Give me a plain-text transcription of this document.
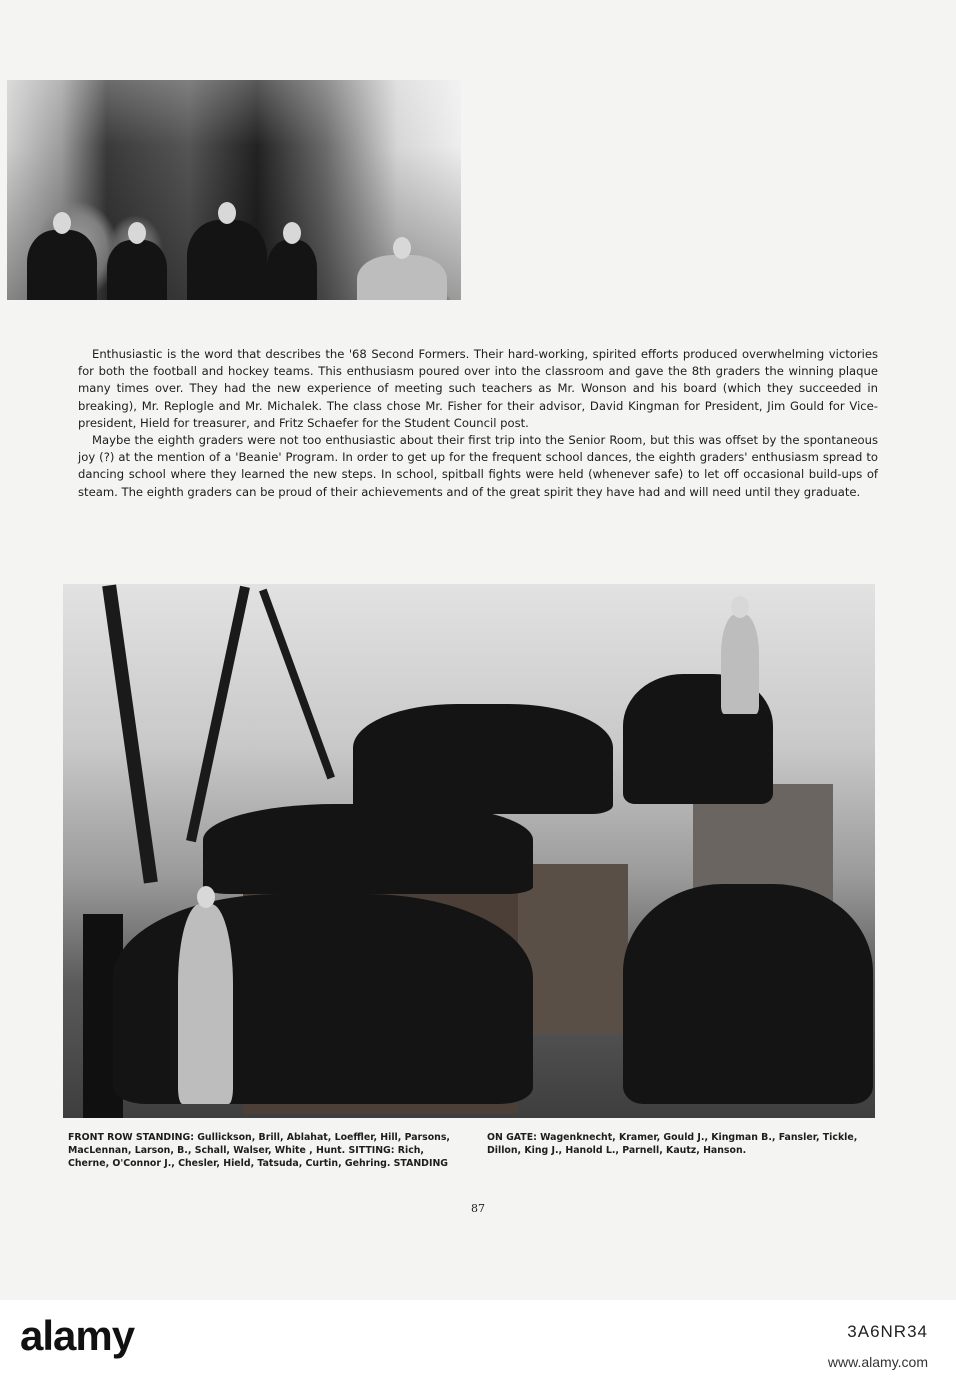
Enthusiastic is the word that describes the '68 Second Formers. Their hard-working, spirited efforts produced overwhelming victories for both the football and hockey teams. This enthusiasm poured over into the classroom and gave the 8th graders the winning plaque many times over. They had the new experience of meeting such teachers as Mr. Wonson and his board (which they succeeded in breaking), Mr. Replogle and Mr. Michalek. The class chose Mr. Fisher for their advisor, David Kingman for President, Jim Gould for Vice-president, Hield for treasurer, and Fritz Schaefer for the Student Council post.

Maybe the eighth graders were not too enthusiastic about their first trip into the Senior Room, but this was offset by the spontaneous joy (?) at the mention of a 'Beanie' Program. In order to get up for the frequent school dances, the eighth graders' enthusiasm spread to dancing school where they learned the new steps. In school, spitball fights were held (whenever safe) to let off occasional build-ups of steam. The eighth graders can be proud of their achievements and of the great spirit they have had and will need until they graduate.

FRONT ROW STANDING: Gullickson, Brill, Ablahat, Loeffler, Hill, Parsons, MacLennan, Larson, B., Schall, Walser, White , Hunt. SITTING: Rich, Cherne, O'Connor J., Chesler, Hield, Tatsuda, Curtin, Gehring. STANDING
ON GATE: Wagenknecht, Kramer, Gould J., Kingman B., Fansler, Tickle, Dillon, King J., Hanold L., Parnell, Kautz, Hanson.
87
alamy	3A6NR34
www.alamy.com
